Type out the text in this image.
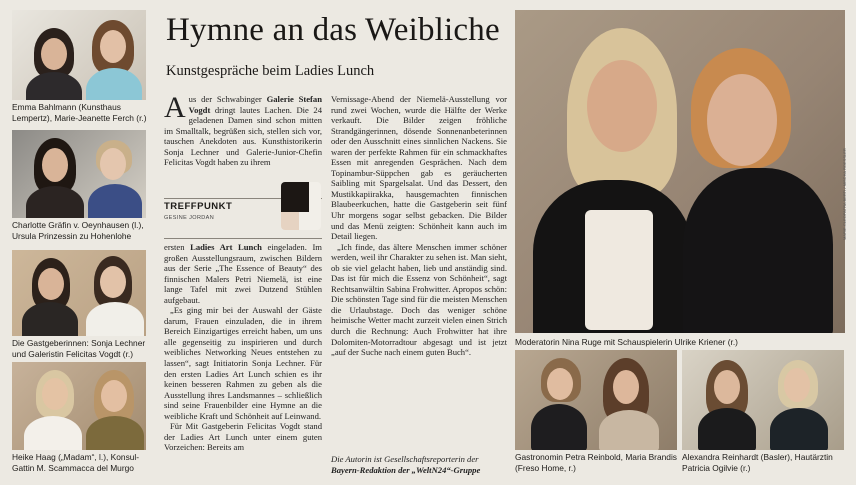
Emma Bahlmann (Kunsthaus Lempertz), Marie-Jeanette Ferch (r.)
Charlotte Gräfin v. Oeynhausen (l.), Ursula Prinzessin zu Hohenlohe
Die Gastgeberinnen: Sonja Lechner und Galeristin Felicitas Vogdt (r.)
Heike Haag („Madam“, l.), Konsul-Gattin M. Scammacca del Murgo
Hymne an das Weibliche
Kunstgespräche beim Ladies Lunch

Aus der Schwabinger Galerie Stefan Vogdt dringt lautes Lachen. Die 24 geladenen Damen sind schon mitten im Smalltalk, begrüßen sich, stellen sich vor, tauschen Anekdoten aus. Kunsthistorikerin Sonja Lechner und Galerie-Junior-Chefin Felicitas Vogdt haben zu ihrem

TREFFPUNKT
GESINE JORDAN

ersten Ladies Art Lunch eingeladen. Im großen Ausstellungsraum, zwischen Bildern aus der Serie „The Essence of Beauty“ des finnischen Malers Petri Niemelä, ist eine lange Tafel mit zwei Dutzend Stühlen aufgebaut.

„Es ging mir bei der Auswahl der Gäste darum, Frauen einzuladen, die in ihrem Bereich Einzigartiges erreicht haben, um uns alle gegenseitig zu inspirieren und durch weibliches Networking Neues entstehen zu lassen“, sagt Initiatorin Sonja Lechner. Für den ersten Ladies Art Lunch schien es ihr keinen besseren Rahmen zu geben als die Ausstellung ihres Landsmannes – schließlich sind seine Frauenbilder eine Hymne an die weibliche Kraft und Schönheit auf Leinwand.

Für Mit Gastgeberin Felicitas Vogdt stand der Ladies Art Lunch unter einem guten Vorzeichen: Bereits am

Vernissage-Abend der Niemelä-Ausstellung vor rund zwei Wochen, wurde die Hälfte der Werke verkauft. Die Bilder zeigen fröhliche Strandgängerinnen, dösende Sonnenanbeterinnen oder den Ausschnitt eines sinnlichen Nackens. Sie waren der perfekte Rahmen für ein schmackhaftes Essen mit anregenden Gesprächen. Nach dem Topinambur-Süppchen gab es geräucherten Saibling mit Spargelsalat. Und das Dessert, den Mustikkapiirakka, hausgemachten finnischen Blaubeerkuchen, hatte die Gastgeberin seit fünf Uhr morgens sogar selbst gebacken. Die Bilder und das Menü zeigten: Schönheit kann auch im Detail liegen.

„Ich finde, das ältere Menschen immer schöner werden, weil ihr Charakter zu sehen ist. Man sieht, ob sie viel gelacht haben, lieb und anständig sind. Das ist für mich die Essenz von Schönheit“, sagt Rechtsanwältin Sabina Frohwitter. Apropos schön: Die schönsten Tage sind für die meisten Menschen die Urlaubstage. Doch das weniger schöne heimische Wetter macht zurzeit vielen einen Strich durch die Rechnung: Auch Frohwitter hat ihre Dolomiten-Motorradtour abgesagt und ist jetzt „auf der Suche nach einem guten Buch“.

Die Autorin ist Gesellschaftsreporterin der Bayern-Redaktion der „WeltN24“-Gruppe
MARIE-CLEOPATRA BERTI / MISCHA ROESSLER
Moderatorin Nina Ruge mit Schauspielerin Ulrike Kriener (r.)
Gastronomin Petra Reinbold, Maria Brandis (Freso Home, r.)
Alexandra Reinhardt (Basler), Hautärztin Patricia Ogilvie (r.)
